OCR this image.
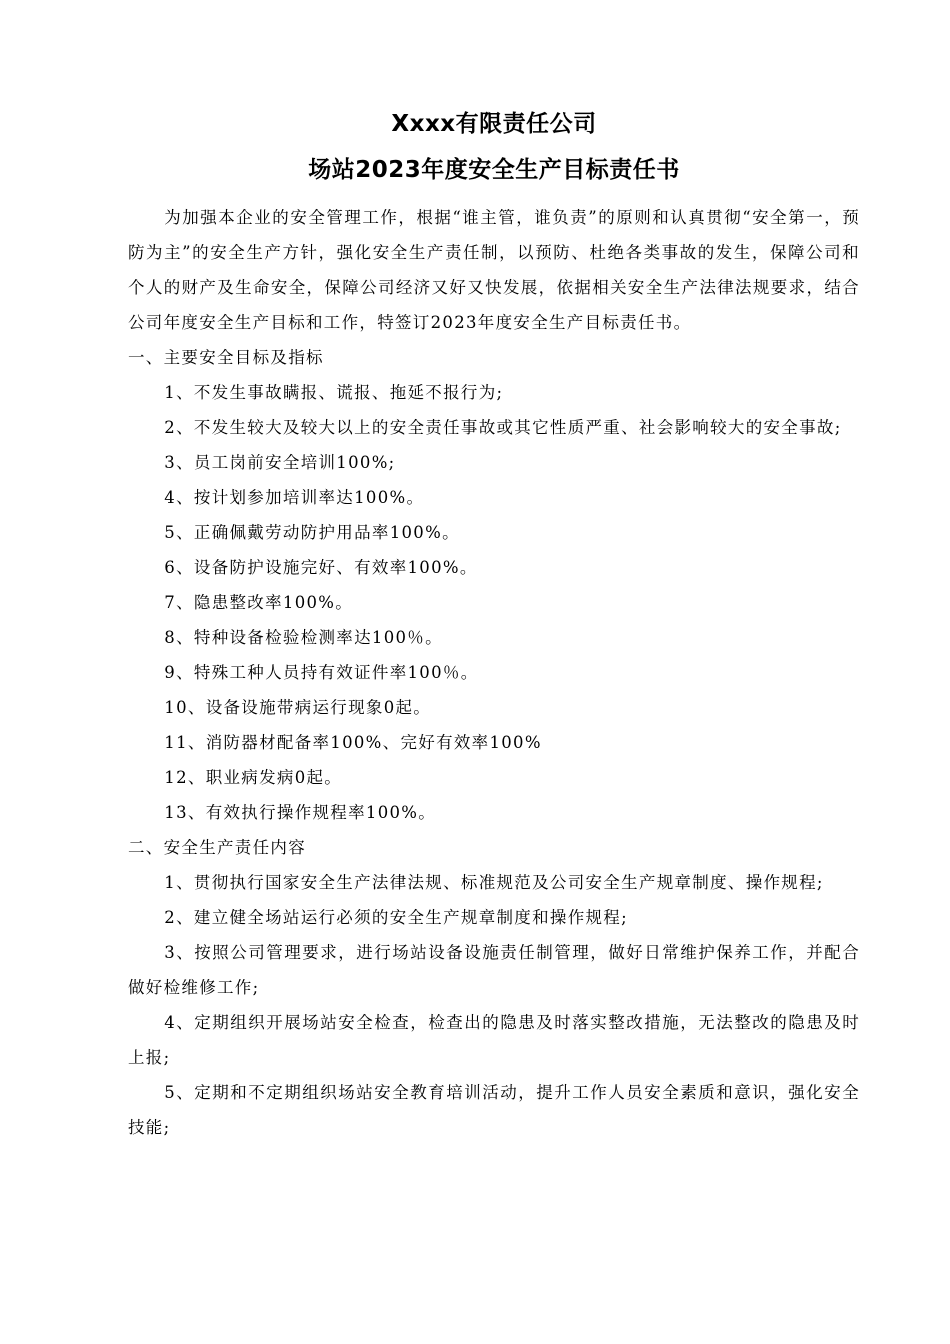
Xxxx有限责任公司
场站2023年度安全生产目标责任书

为加强本企业的安全管理工作，根据“谁主管，谁负责”的原则和认真贯彻“安全第一，预防为主”的安全生产方针，强化安全生产责任制，以预防、杜绝各类事故的发生，保障公司和个人的财产及生命安全，保障公司经济又好又快发展，依据相关安全生产法律法规要求，结合公司年度安全生产目标和工作，特签订2023年度安全生产目标责任书。

一、主要安全目标及指标

1、不发生事故瞒报、谎报、拖延不报行为;

2、不发生较大及较大以上的安全责任事故或其它性质严重、社会影响较大的安全事故;

3、员工岗前安全培训100%;

4、按计划参加培训率达100%。

5、正确佩戴劳动防护用品率100%。

6、设备防护设施完好、有效率100%。

7、隐患整改率100%。

8、特种设备检验检测率达100％。

9、特殊工种人员持有效证件率100％。

10、设备设施带病运行现象0起。

11、消防器材配备率100%、完好有效率100%

12、职业病发病0起。

13、有效执行操作规程率100%。

二、安全生产责任内容

1、贯彻执行国家安全生产法律法规、标准规范及公司安全生产规章制度、操作规程;

2、建立健全场站运行必须的安全生产规章制度和操作规程;

3、按照公司管理要求，进行场站设备设施责任制管理，做好日常维护保养工作，并配合做好检维修工作;

4、定期组织开展场站安全检查，检查出的隐患及时落实整改措施，无法整改的隐患及时上报;

5、定期和不定期组织场站安全教育培训活动，提升工作人员安全素质和意识，强化安全技能;
